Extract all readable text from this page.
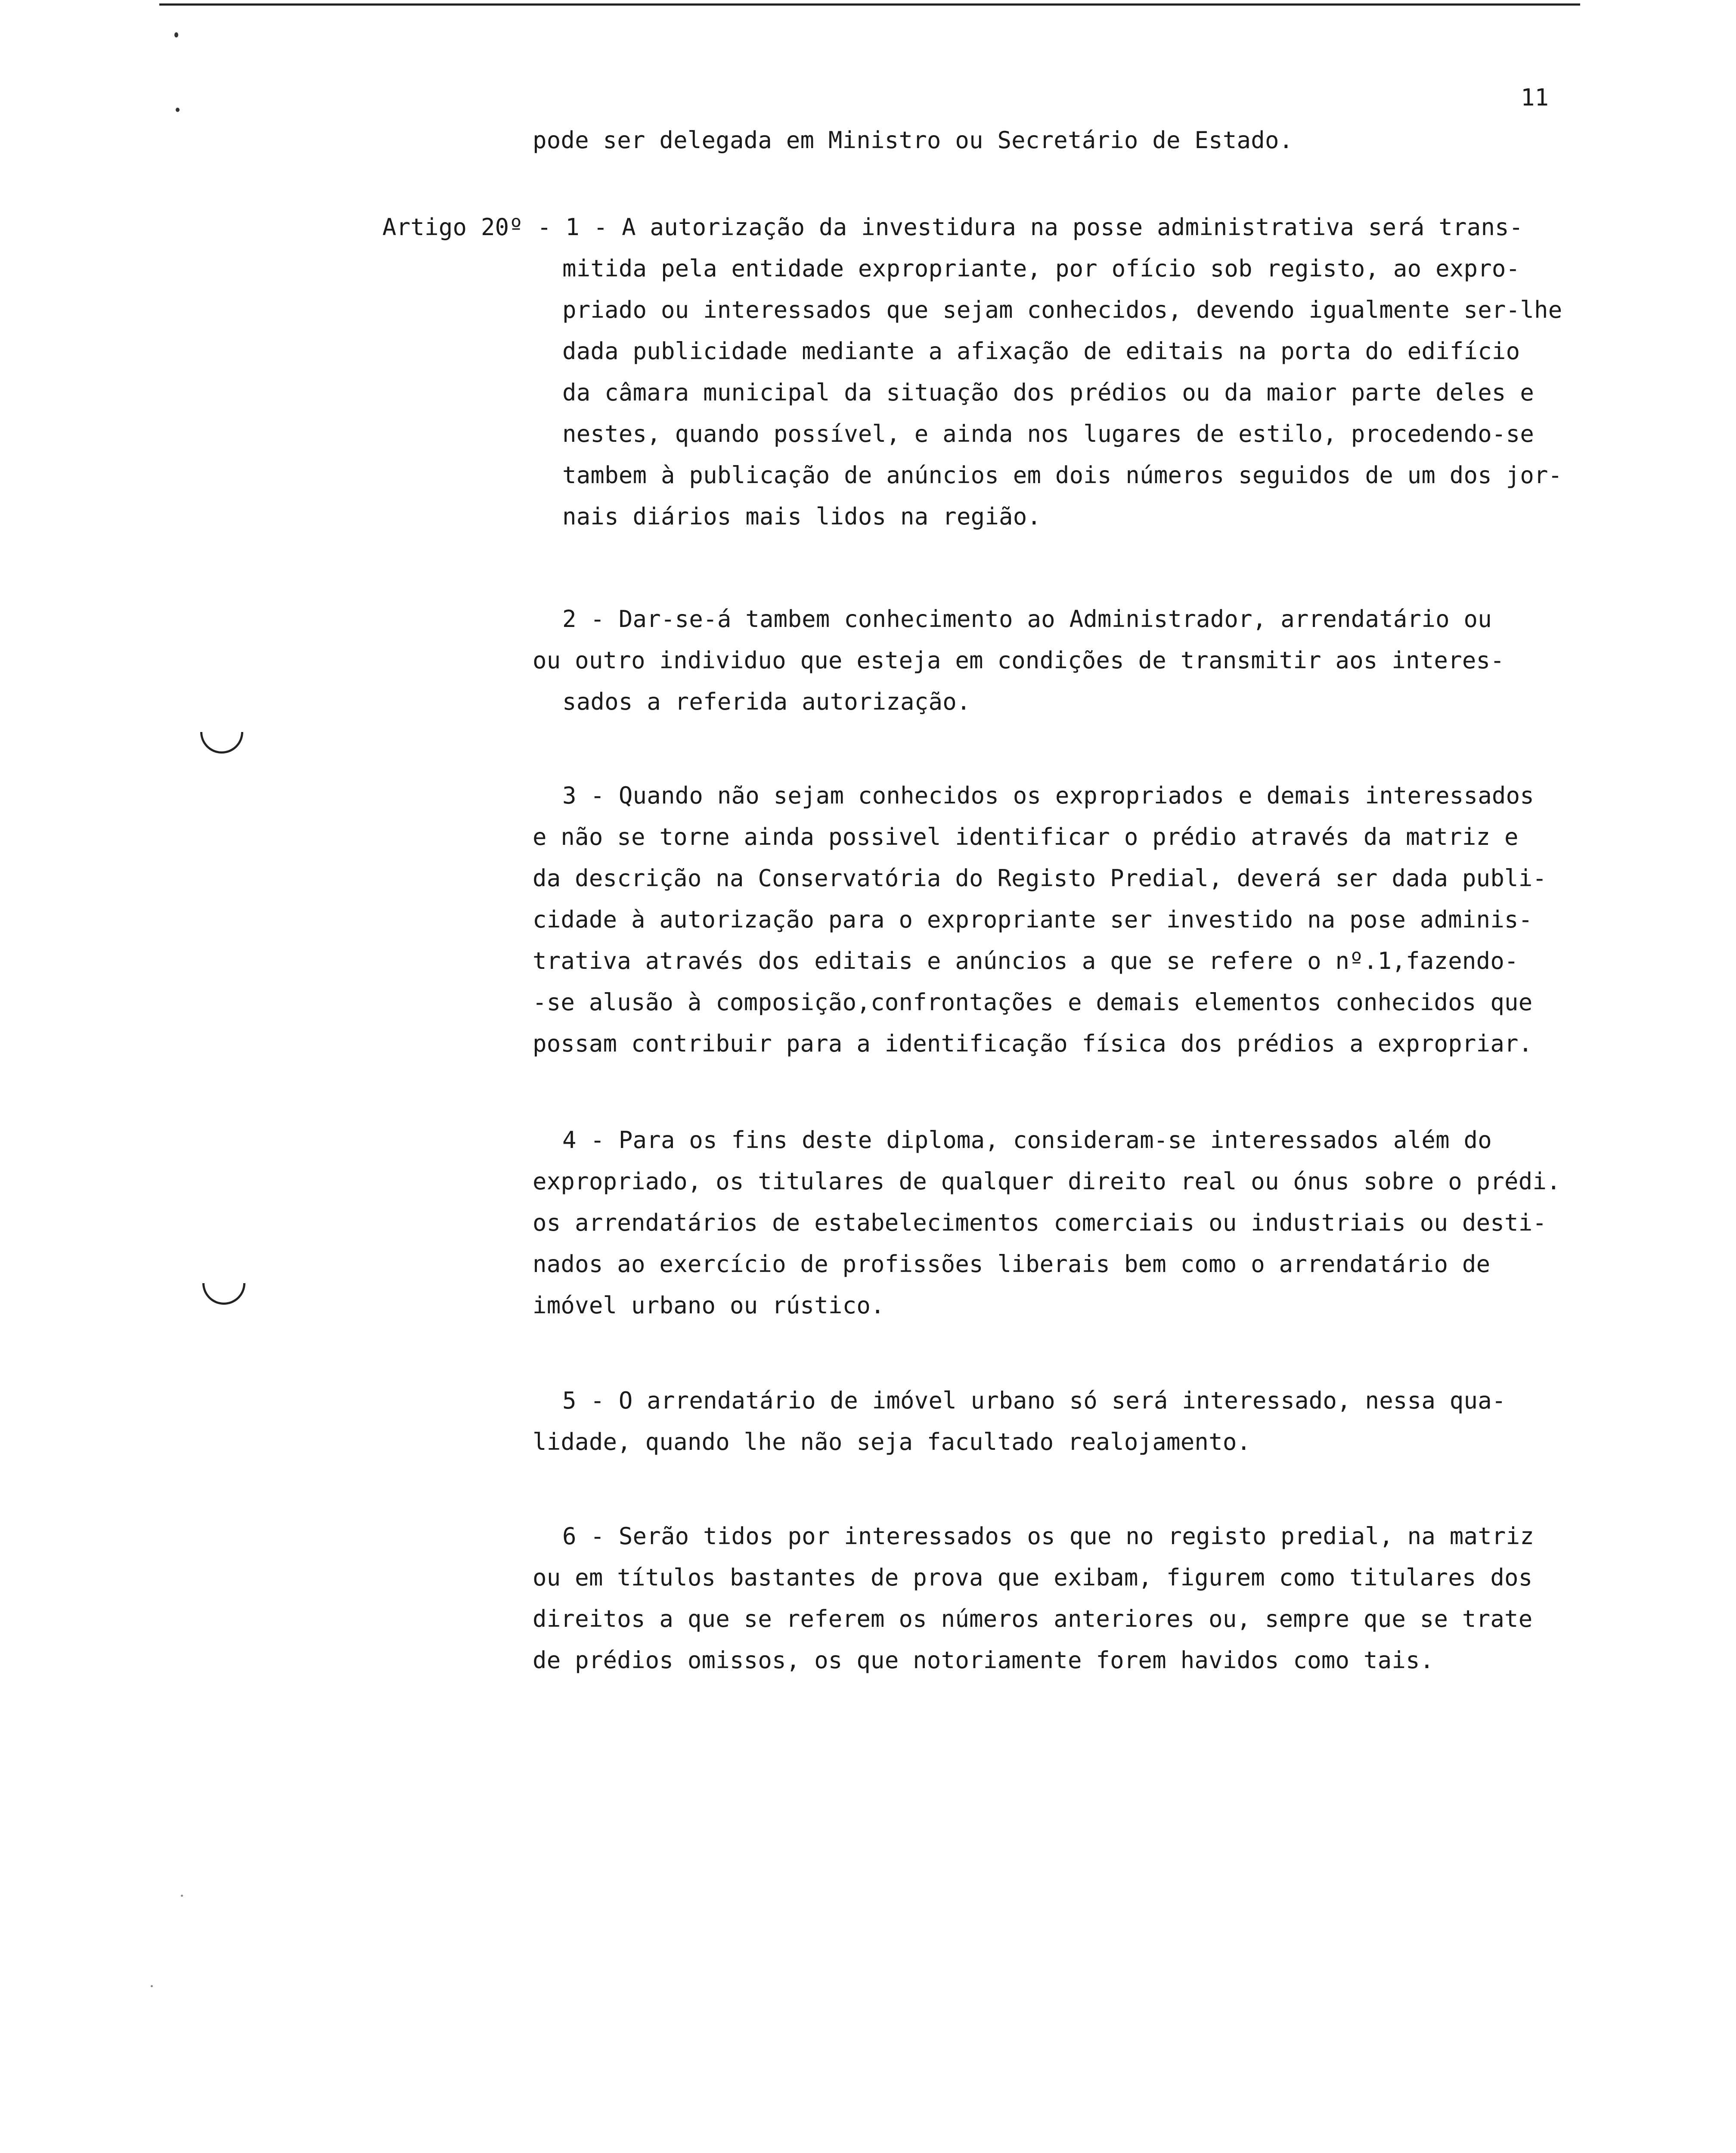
11
pode ser delegada em Ministro ou Secretário de Estado.
Artigo 20º - 1 - A autorização da investidura na posse administrativa será trans-
mitida pela entidade expropriante, por ofício sob registo, ao expro-
priado ou interessados que sejam conhecidos, devendo igualmente ser-lhe
dada publicidade mediante a afixação de editais na porta do edifício
da câmara municipal da situação dos prédios ou da maior parte deles e
nestes, quando possível, e ainda nos lugares de estilo, procedendo-se
tambem à publicação de anúncios em dois números seguidos de um dos jor-
nais diários mais lidos na região.
2 - Dar-se-á tambem conhecimento ao Administrador, arrendatário ou
ou outro individuo que esteja em condições de transmitir aos interes-
sados a referida autorização.
3 - Quando não sejam conhecidos os expropriados e demais interessados
e não se torne ainda possivel identificar o prédio através da matriz e
da descrição na Conservatória do Registo Predial, deverá ser dada publi-
cidade à autorização para o expropriante ser investido na pose adminis-
trativa através dos editais e anúncios a que se refere o nº.1,fazendo-
-se alusão à composição,confrontações e demais elementos conhecidos que
possam contribuir para a identificação física dos prédios a expropriar.
4 - Para os fins deste diploma, consideram-se interessados além do
expropriado, os titulares de qualquer direito real ou ónus sobre o prédi.
os arrendatários de estabelecimentos comerciais ou industriais ou desti-
nados ao exercício de profissões liberais bem como o arrendatário de
imóvel urbano ou rústico.
5 - O arrendatário de imóvel urbano só será interessado, nessa qua-
lidade, quando lhe não seja facultado realojamento.
6 - Serão tidos por interessados os que no registo predial, na matriz
ou em títulos bastantes de prova que exibam, figurem como titulares dos
direitos a que se referem os números anteriores ou, sempre que se trate
de prédios omissos, os que notoriamente forem havidos como tais.
